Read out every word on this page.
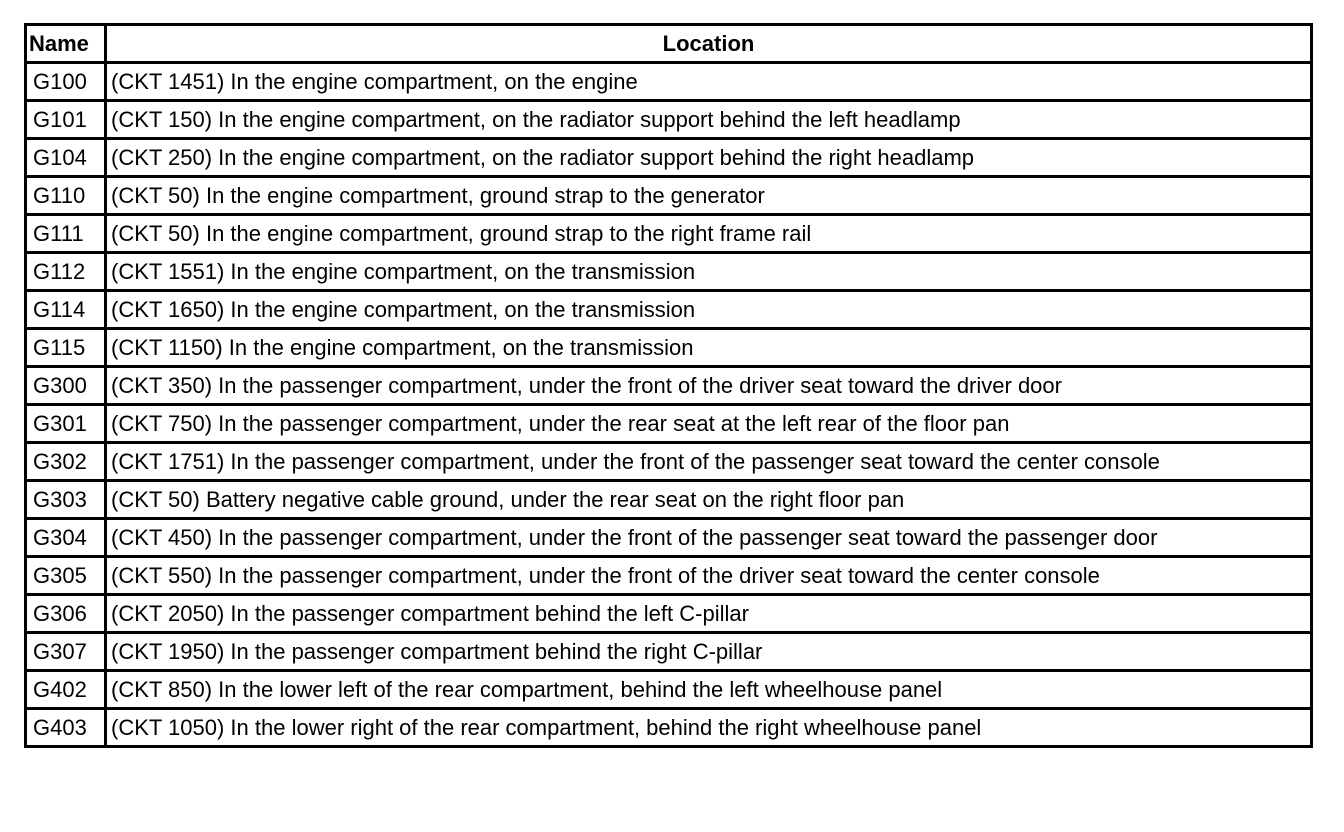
Name	Location
G100	(CKT 1451) In the engine compartment, on the engine
G101	(CKT 150) In the engine compartment, on the radiator support behind the left headlamp
G104	(CKT 250) In the engine compartment, on the radiator support behind the right headlamp
G110	(CKT 50) In the engine compartment, ground strap to the generator
G111	(CKT 50) In the engine compartment, ground strap to the right frame rail
G112	(CKT 1551) In the engine compartment, on the transmission
G114	(CKT 1650) In the engine compartment, on the transmission
G115	(CKT 1150) In the engine compartment, on the transmission
G300	(CKT 350) In the passenger compartment, under the front of the driver seat toward the driver door
G301	(CKT 750) In the passenger compartment, under the rear seat at the left rear of the floor pan
G302	(CKT 1751) In the passenger compartment, under the front of the passenger seat toward the center console
G303	(CKT 50) Battery negative cable ground, under the rear seat on the right floor pan
G304	(CKT 450) In the passenger compartment, under the front of the passenger seat toward the passenger door
G305	(CKT 550) In the passenger compartment, under the front of the driver seat toward the center console
G306	(CKT 2050) In the passenger compartment behind the left C-pillar
G307	(CKT 1950) In the passenger compartment behind the right C-pillar
G402	(CKT 850) In the lower left of the rear compartment, behind the left wheelhouse panel
G403	(CKT 1050) In the lower right of the rear compartment, behind the right wheelhouse panel
